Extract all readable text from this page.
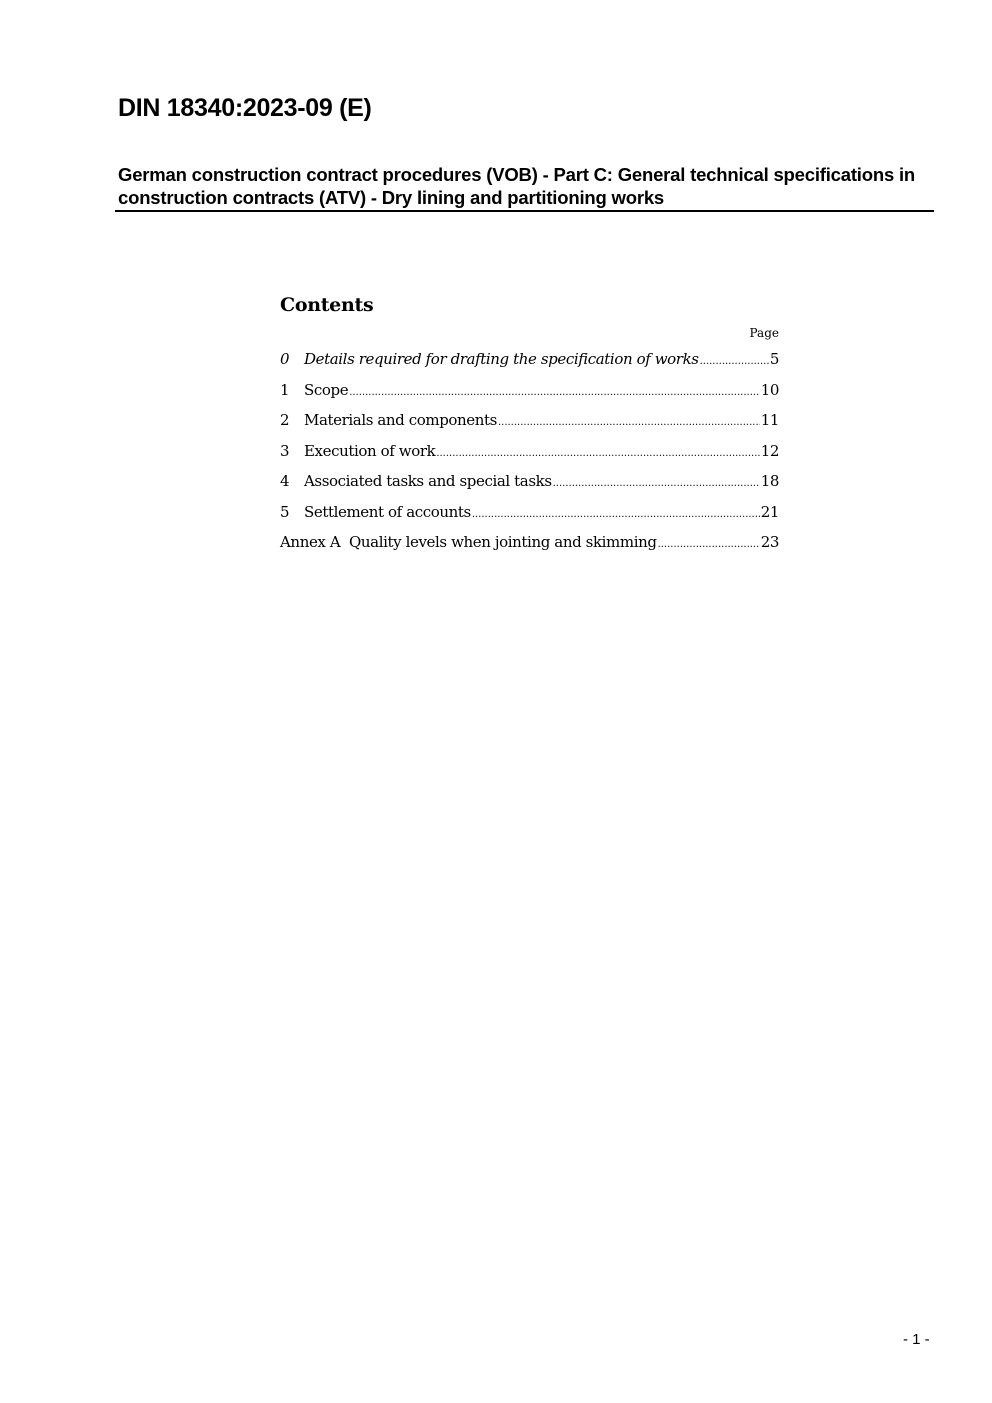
DIN 18340:2023-09 (E)
German construction contract procedures (VOB) - Part C: General technical specifications in construction contracts (ATV) - Dry lining and partitioning works
Contents
Page
0 Details required for drafting the specification of works .....	5
1 Scope .....	10
2 Materials and components .....	11
3 Execution of work .....	12
4 Associated tasks and special tasks .....	18
5 Settlement of accounts .....	21
Annex A  Quality levels when jointing and skimming .....	23
- 1 -
